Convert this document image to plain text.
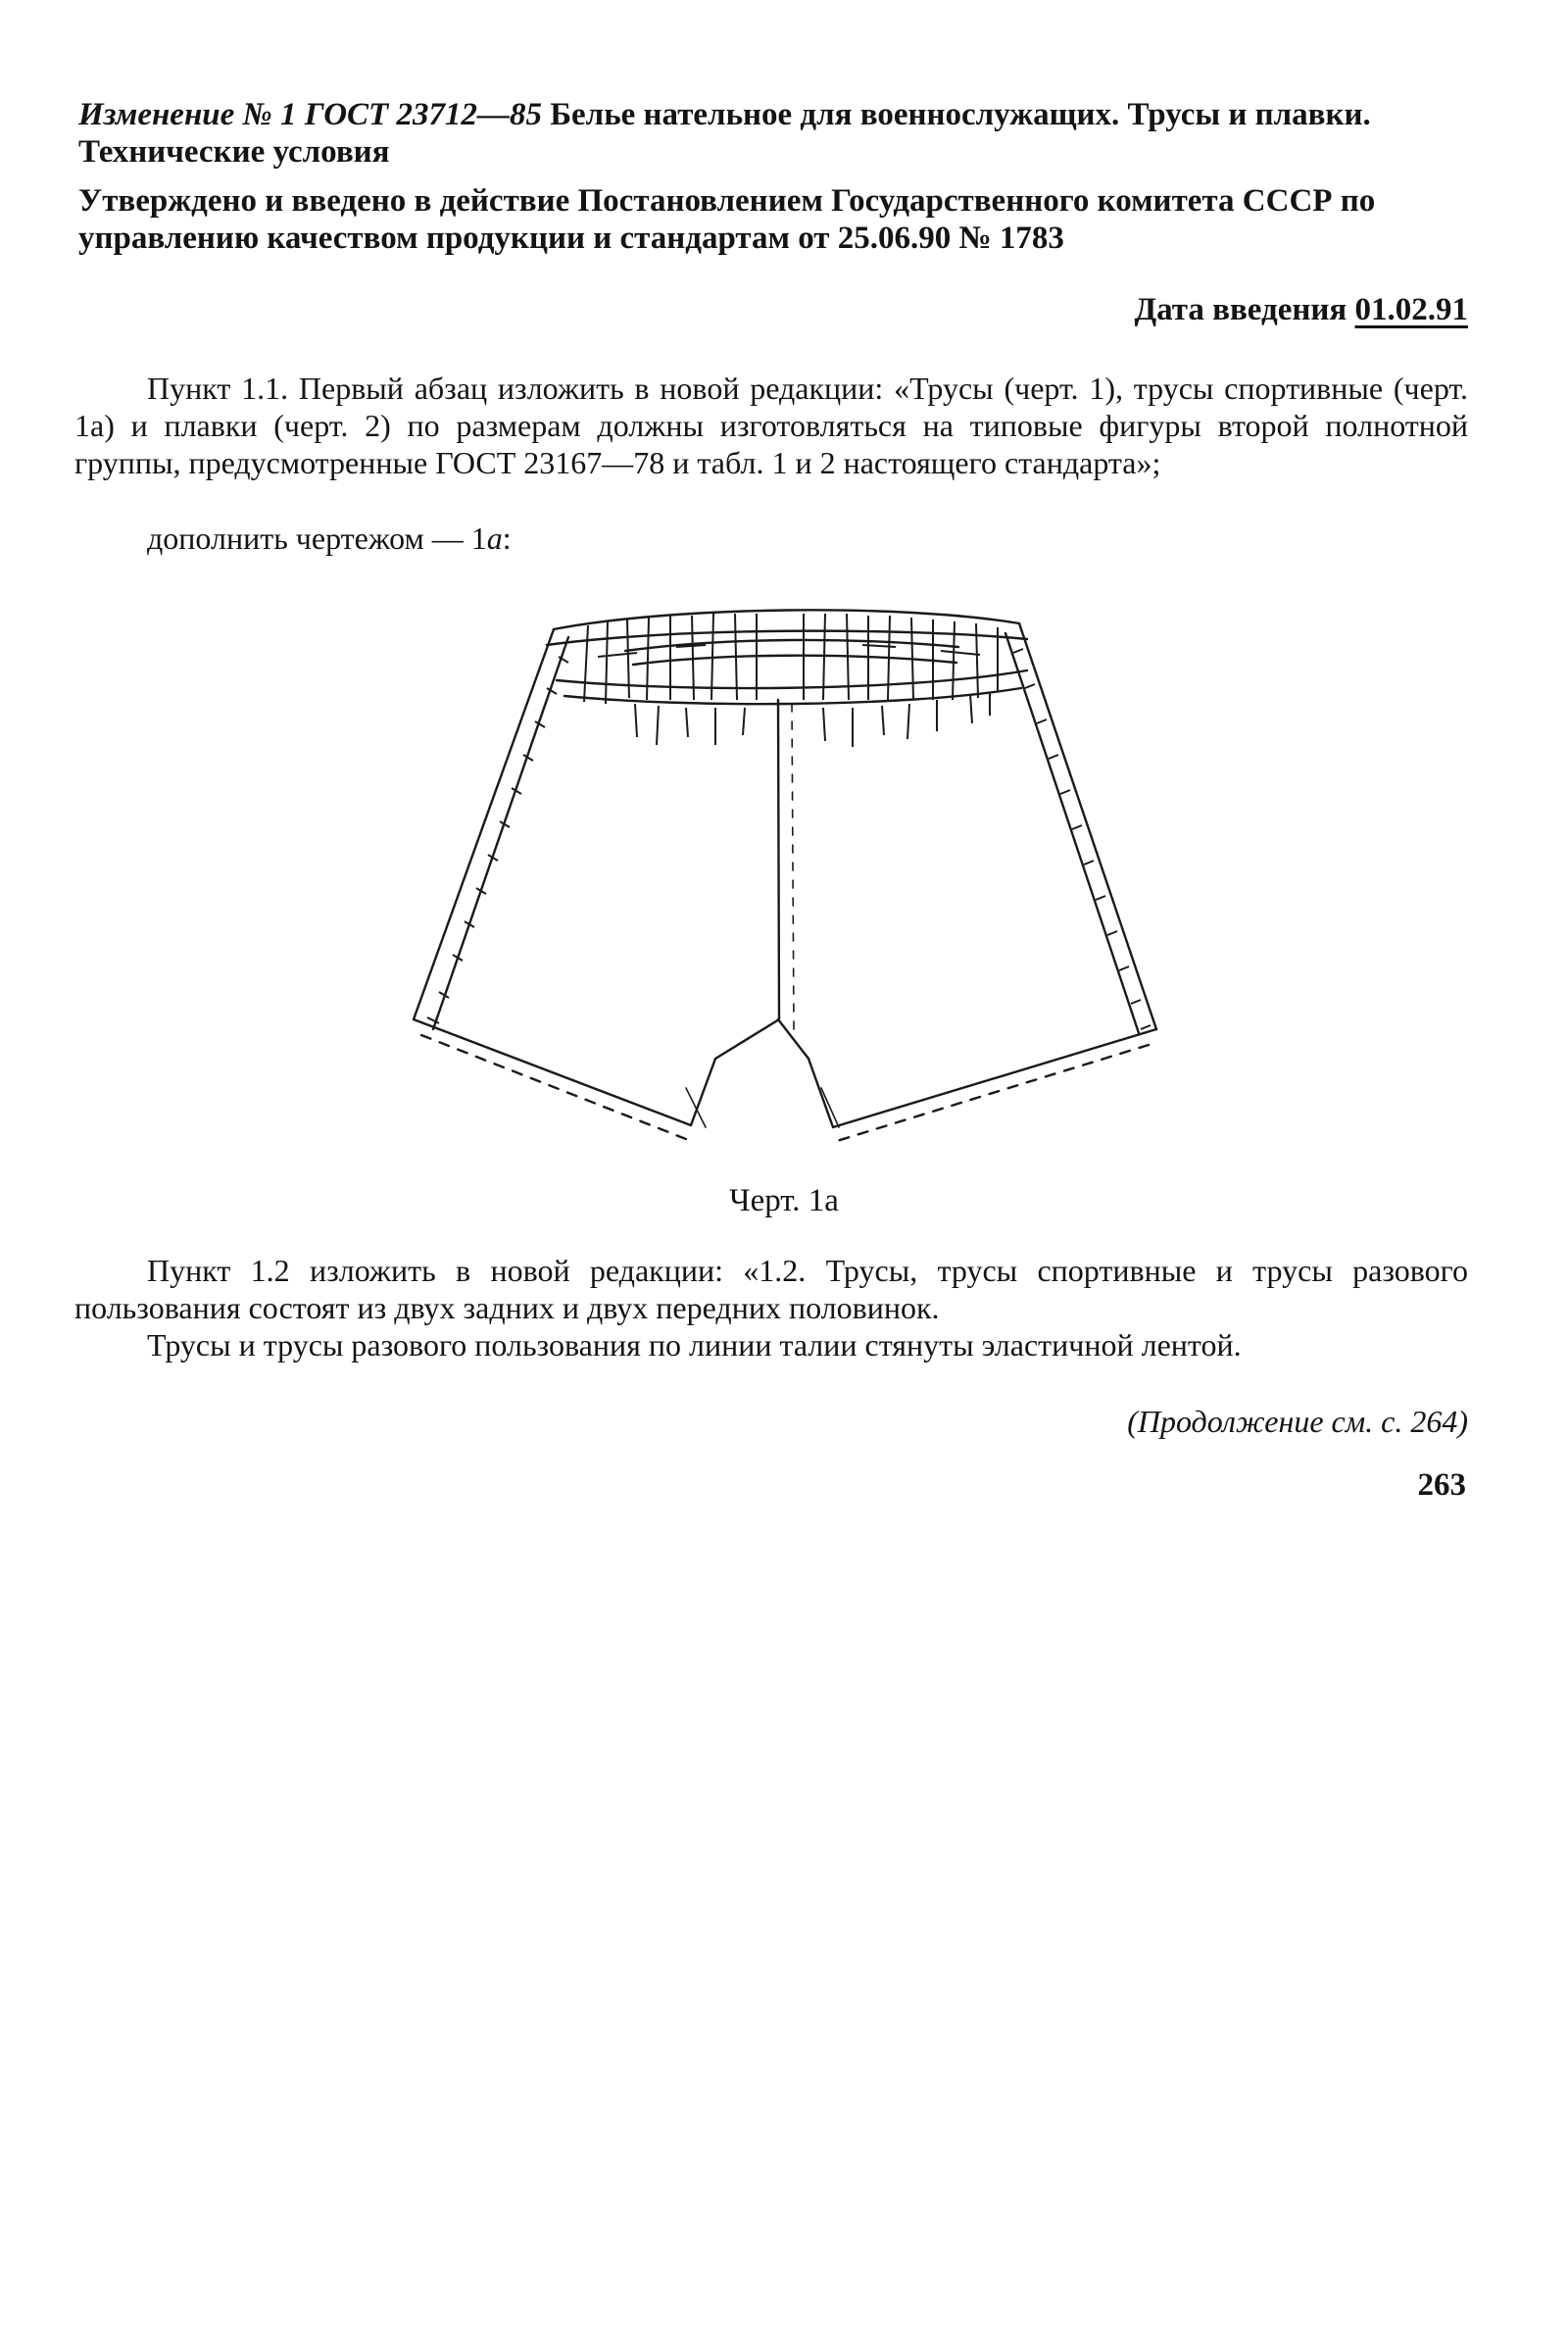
Изменение № 1 ГОСТ 23712—85 Белье нательное для военнослужащих. Трусы и плавки. Технические условия
Утверждено и введено в действие Постановлением Государственного комитета СССР по управлению качеством продукции и стандартам от 25.06.90 № 1783
Дата введения 01.02.91
Пункт 1.1. Первый абзац изложить в новой редакции: «Трусы (черт. 1), трусы спортивные (черт. 1а) и плавки (черт. 2) по размерам должны изготовляться на типовые фигуры второй полнотной группы, предусмотренные ГОСТ 23167—78 и табл. 1 и 2 настоящего стандарта»;
дополнить чертежом — 1а:
Черт. 1а
Пункт 1.2 изложить в новой редакции: «1.2. Трусы, трусы спортивные и трусы разового пользования состоят из двух задних и двух передних половинок.
Трусы и трусы разового пользования по линии талии стянуты эластичной лентой.
(Продолжение см. с. 264)
263
